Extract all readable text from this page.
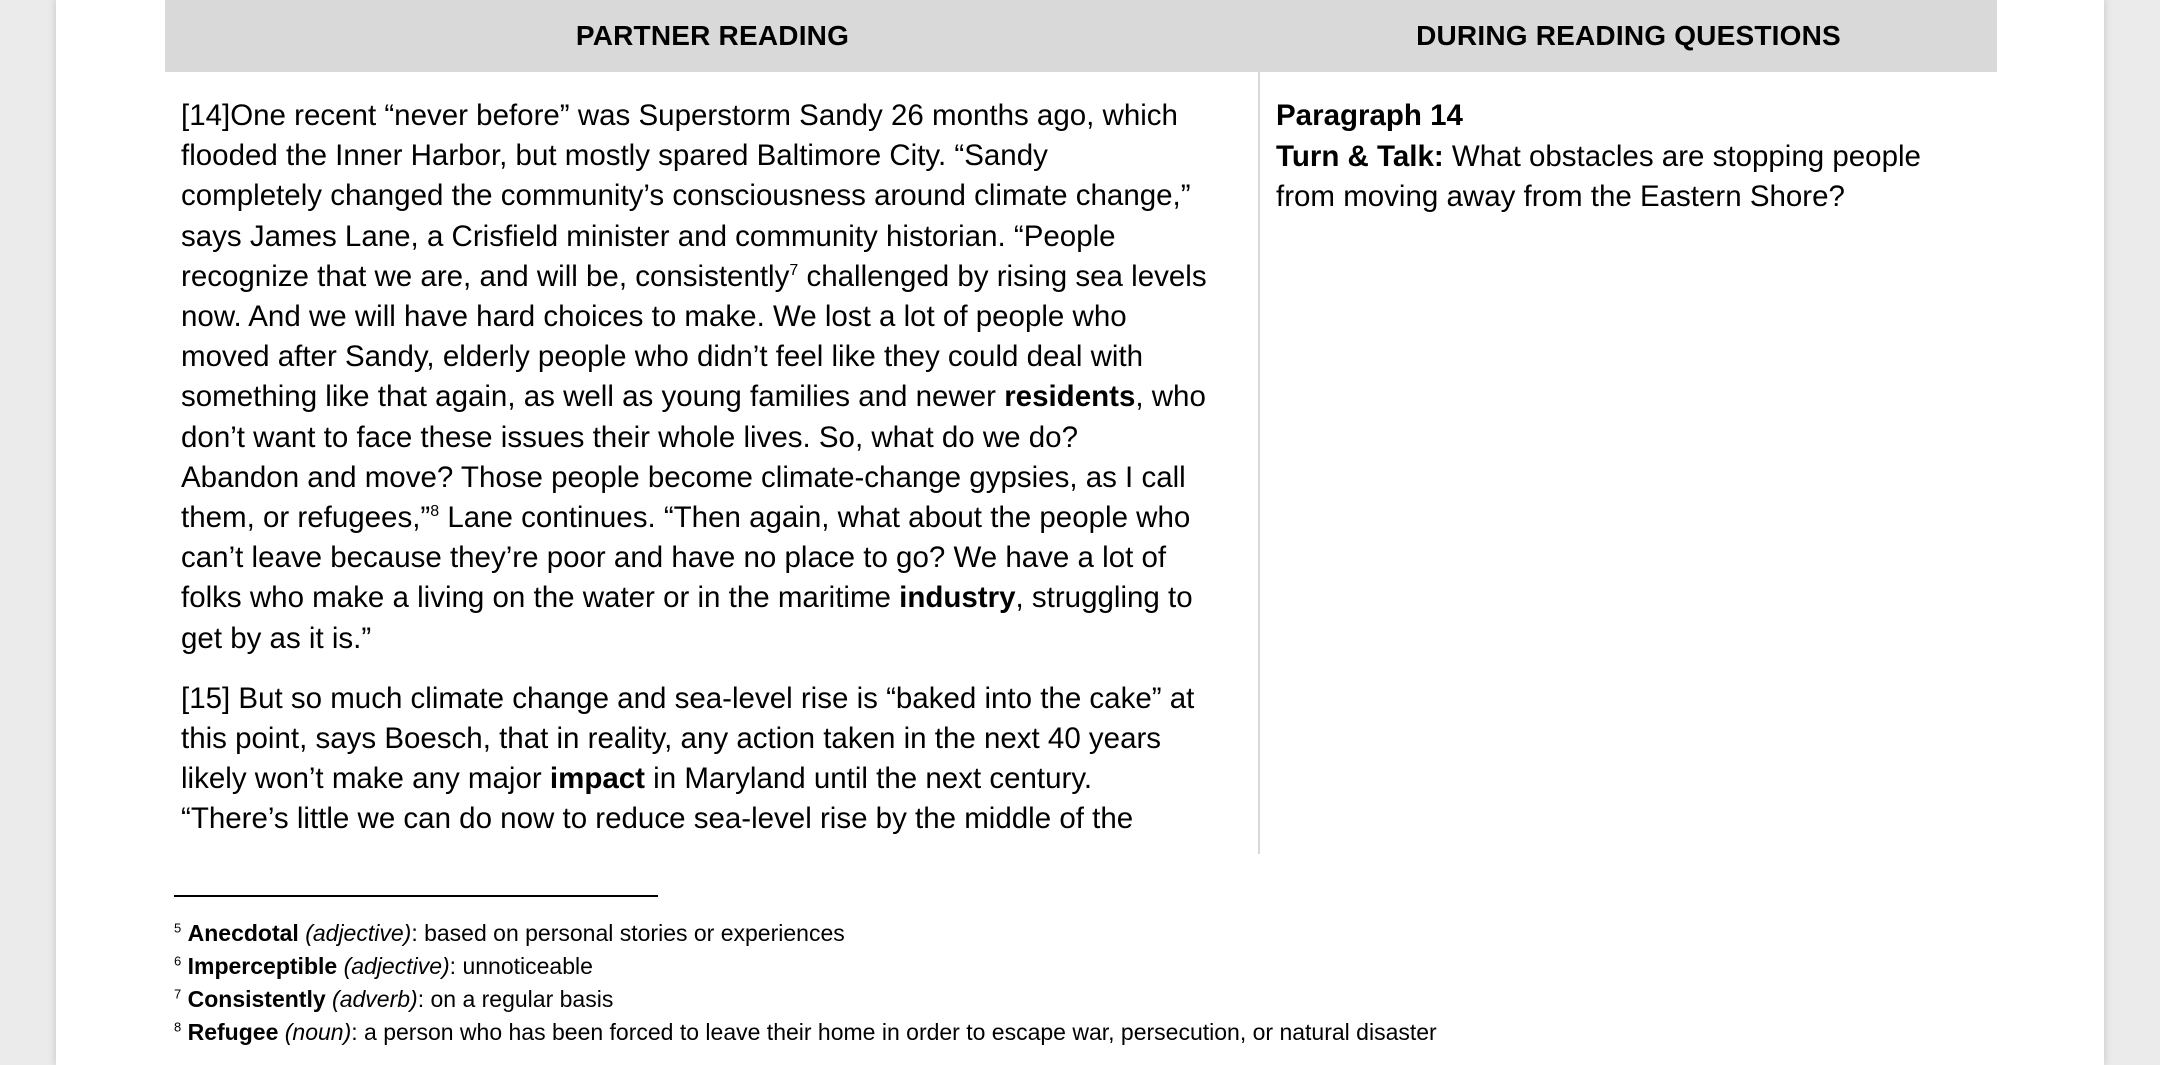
PARTNER READING	DURING READING QUESTIONS

[14]One recent “never before” was Superstorm Sandy 26 months ago, which
flooded the Inner Harbor, but mostly spared Baltimore City. “Sandy
completely changed the community’s consciousness around climate change,”
says James Lane, a Crisfield minister and community historian. “People
recognize that we are, and will be, consistently$^7$ challenged by rising sea levels
now. And we will have hard choices to make. We lost a lot of people who
moved after Sandy, elderly people who didn’t feel like they could deal with
something like that again, as well as young families and newer residents, who
don’t want to face these issues their whole lives. So, what do we do?
Abandon and move? Those people become climate-change gypsies, as I call
them, or refugees,”$^8$ Lane continues. “Then again, what about the people who
can’t leave because they’re poor and have no place to go? We have a lot of
folks who make a living on the water or in the maritime industry, struggling to
get by as it is.”

[15] But so much climate change and sea-level rise is “baked into the cake” at
this point, says Boesch, that in reality, any action taken in the next 40 years
likely won’t make any major impact in Maryland until the next century.
“There’s little we can do now to reduce sea-level rise by the middle of the

Paragraph 14
Turn & Talk: What obstacles are stopping people from moving away from the Eastern Shore?
$^5$ Anecdotal (adjective): based on personal stories or experiences
$^6$ Imperceptible (adjective): unnoticeable
$^7$ Consistently (adverb): on a regular basis
$^8$ Refugee (noun): a person who has been forced to leave their home in order to escape war, persecution, or natural disaster
